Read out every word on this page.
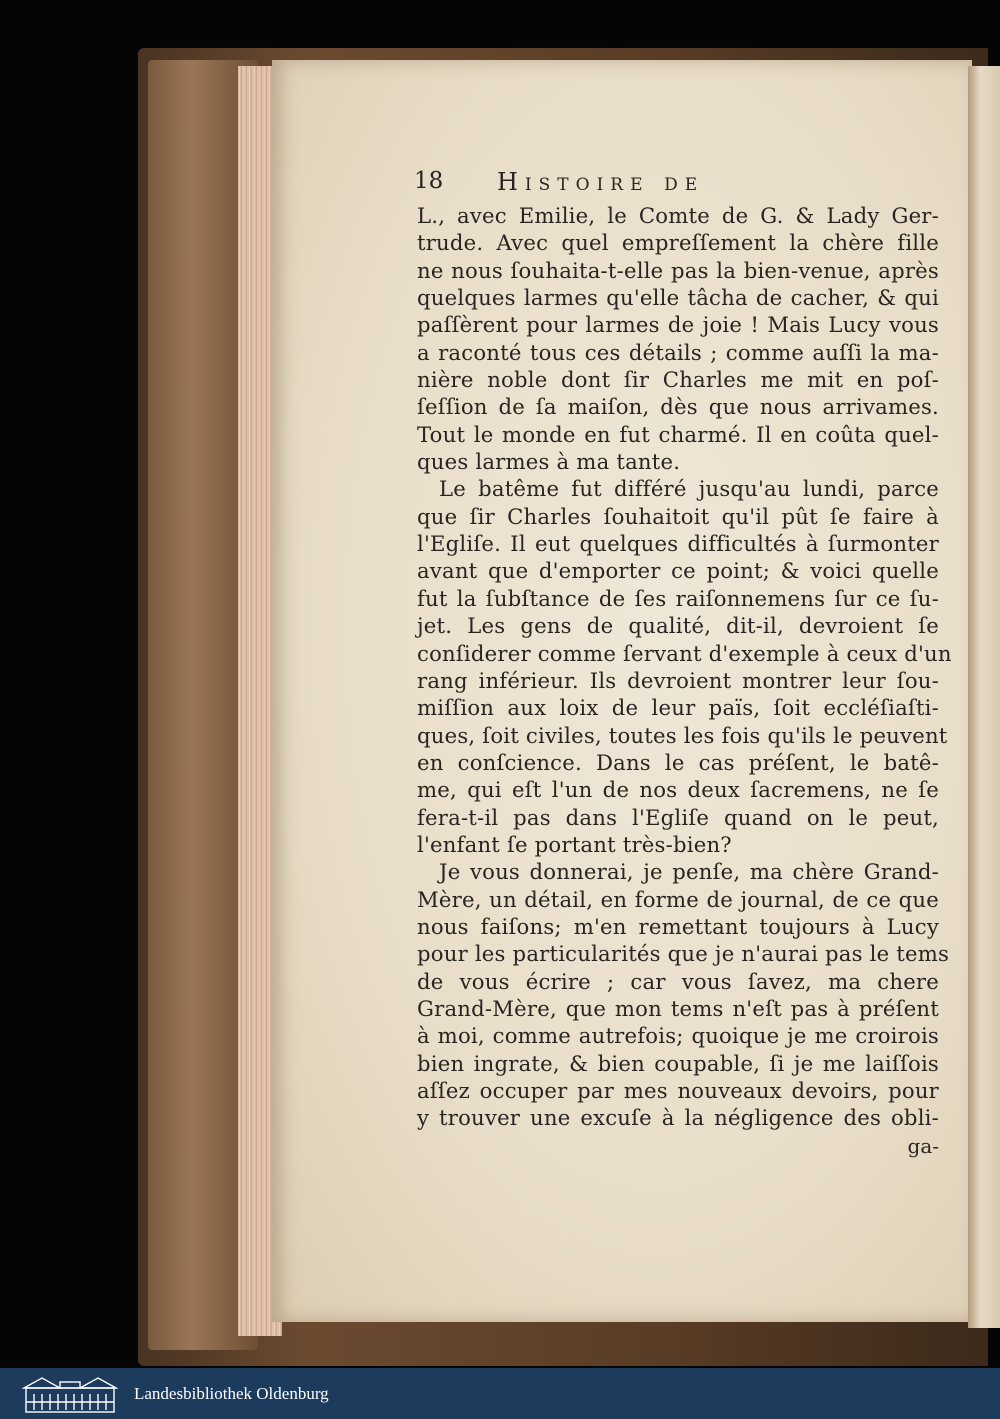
18 Histoire de
L., avec Emilie, le Comte de G. & Lady Ger-
trude. Avec quel empreſſement la chère fille
ne nous ſouhaita-t-elle pas la bien-venue, après
quelques larmes qu'elle tâcha de cacher, & qui
paſſèrent pour larmes de joie ! Mais Lucy vous
a raconté tous ces détails ; comme auſſi la ma-
nière noble dont ſir Charles me mit en poſ-
ſeſſion de ſa maiſon, dès que nous arrivames.
Tout le monde en fut charmé. Il en coûta quel-
ques larmes à ma tante.
Le batême fut différé jusqu'au lundi, parce
que ſir Charles ſouhaitoit qu'il pût ſe faire à
l'Egliſe. Il eut quelques difficultés à ſurmonter
avant que d'emporter ce point; & voici quelle
fut la ſubſtance de ſes raiſonnemens ſur ce ſu-
jet. Les gens de qualité, dit-il, devroient ſe
conſiderer comme ſervant d'exemple à ceux d'un
rang inférieur. Ils devroient montrer leur ſou-
miſſion aux loix de leur païs, ſoit eccléſiaſti-
ques, ſoit civiles, toutes les fois qu'ils le peuvent
en conſcience. Dans le cas préſent, le batê-
me, qui eſt l'un de nos deux ſacremens, ne ſe
fera-t-il pas dans l'Egliſe quand on le peut,
l'enfant ſe portant très-bien?
Je vous donnerai, je penſe, ma chère Grand-
Mère, un détail, en forme de journal, de ce que
nous faiſons; m'en remettant toujours à Lucy
pour les particularités que je n'aurai pas le tems
de vous écrire ; car vous ſavez, ma chere
Grand-Mère, que mon tems n'eſt pas à préſent
à moi, comme autrefois; quoique je me croirois
bien ingrate, & bien coupable, ſi je me laiſſois
aſſez occuper par mes nouveaux devoirs, pour
y trouver une excuſe à la négligence des obli-
ga-
Landesbibliothek Oldenburg
